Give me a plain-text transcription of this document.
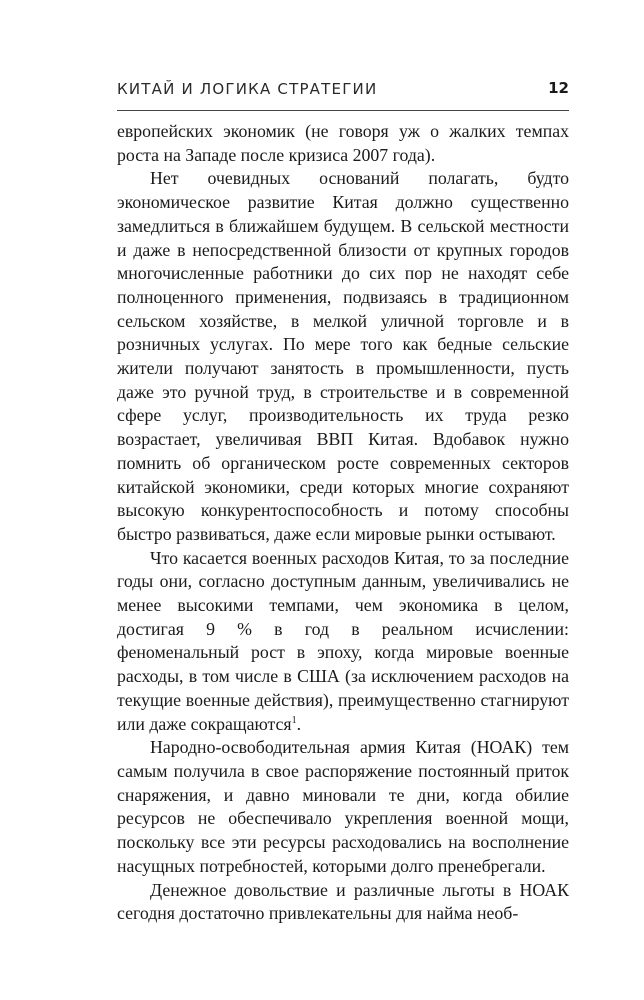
КИТАЙ И ЛОГИКА СТРАТЕГИИ	12

европейских экономик (не говоря уж о жалких темпах роста на Западе после кризиса 2007 года).

Нет очевидных оснований полагать, будто экономическое развитие Китая должно существенно замедлиться в ближайшем будущем. В сельской местности и даже в непосредственной близости от крупных городов многочисленные работники до сих пор не находят себе полноценного применения, подвизаясь в традиционном сельском хозяйстве, в мелкой уличной торговле и в розничных услугах. По мере того как бедные сельские жители получают занятость в промышленности, пусть даже это ручной труд, в строительстве и в современной сфере услуг, производительность их труда резко возрастает, увеличивая ВВП Китая. Вдобавок нужно помнить об органическом росте современных секторов китайской экономики, среди которых многие сохраняют высокую конкурентоспособность и потому способны быстро развиваться, даже если мировые рынки остывают.

Что касается военных расходов Китая, то за последние годы они, согласно доступным данным, увеличивались не менее высокими темпами, чем экономика в целом, достигая 9 % в год в реальном исчислении: феноменальный рост в эпоху, когда мировые военные расходы, в том числе в США (за исключением расходов на текущие военные действия), преимущественно стагнируют или даже сокращаются$^1$.

Народно-освободительная армия Китая (НОАК) тем самым получила в свое распоряжение постоянный приток снаряжения, и давно миновали те дни, когда обилие ресурсов не обеспечивало укрепления военной мощи, поскольку все эти ресурсы расходовались на восполнение насущных потребностей, которыми долго пренебрегали.

Денежное довольствие и различные льготы в НОАК сегодня достаточно привлекательны для найма необ-
